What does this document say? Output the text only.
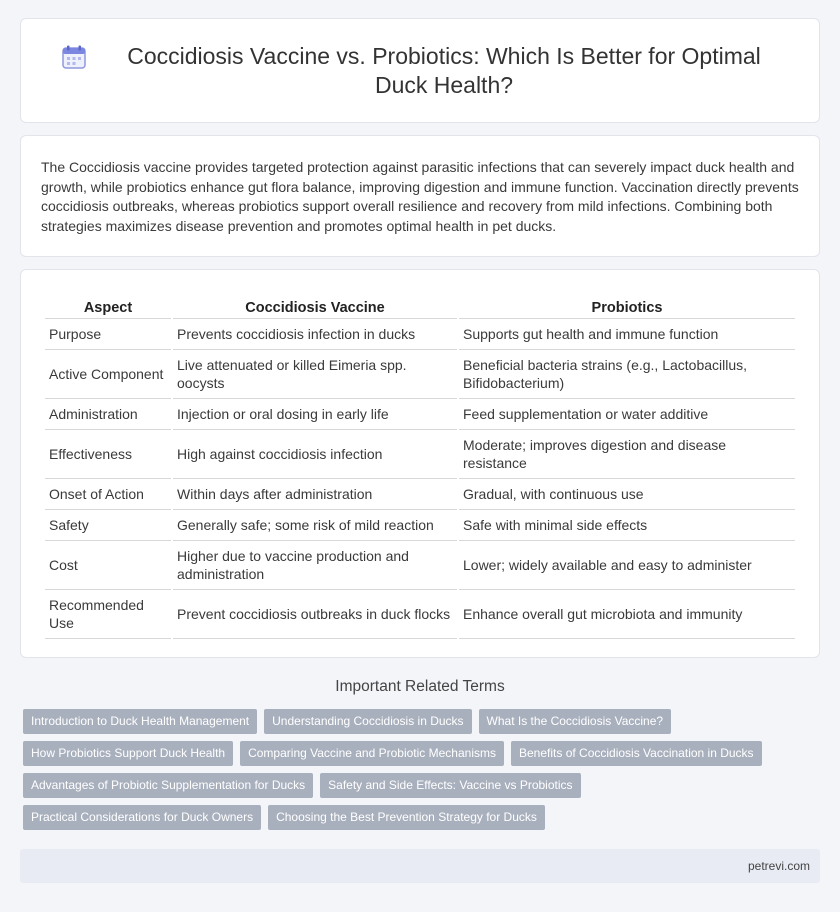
Coccidiosis Vaccine vs. Probiotics: Which Is Better for Optimal Duck Health?

The Coccidiosis vaccine provides targeted protection against parasitic infections that can severely impact duck health and growth, while probiotics enhance gut flora balance, improving digestion and immune function. Vaccination directly prevents coccidiosis outbreaks, whereas probiotics support overall resilience and recovery from mild infections. Combining both strategies maximizes disease prevention and promotes optimal health in pet ducks.

Aspect	Coccidiosis Vaccine	Probiotics
Purpose	Prevents coccidiosis infection in ducks	Supports gut health and immune function
Active Component	Live attenuated or killed Eimeria spp. oocysts	Beneficial bacteria strains (e.g., Lactobacillus, Bifidobacterium)
Administration	Injection or oral dosing in early life	Feed supplementation or water additive
Effectiveness	High against coccidiosis infection	Moderate; improves digestion and disease resistance
Onset of Action	Within days after administration	Gradual, with continuous use
Safety	Generally safe; some risk of mild reaction	Safe with minimal side effects
Cost	Higher due to vaccine production and administration	Lower; widely available and easy to administer
Recommended Use	Prevent coccidiosis outbreaks in duck flocks	Enhance overall gut microbiota and immunity
Important Related Terms
Introduction to Duck Health Management	Understanding Coccidiosis in Ducks	What Is the Coccidiosis Vaccine?
How Probiotics Support Duck Health	Comparing Vaccine and Probiotic Mechanisms	Benefits of Coccidiosis Vaccination in Ducks
Advantages of Probiotic Supplementation for Ducks	Safety and Side Effects: Vaccine vs Probiotics
Practical Considerations for Duck Owners	Choosing the Best Prevention Strategy for Ducks
petrevi.com
